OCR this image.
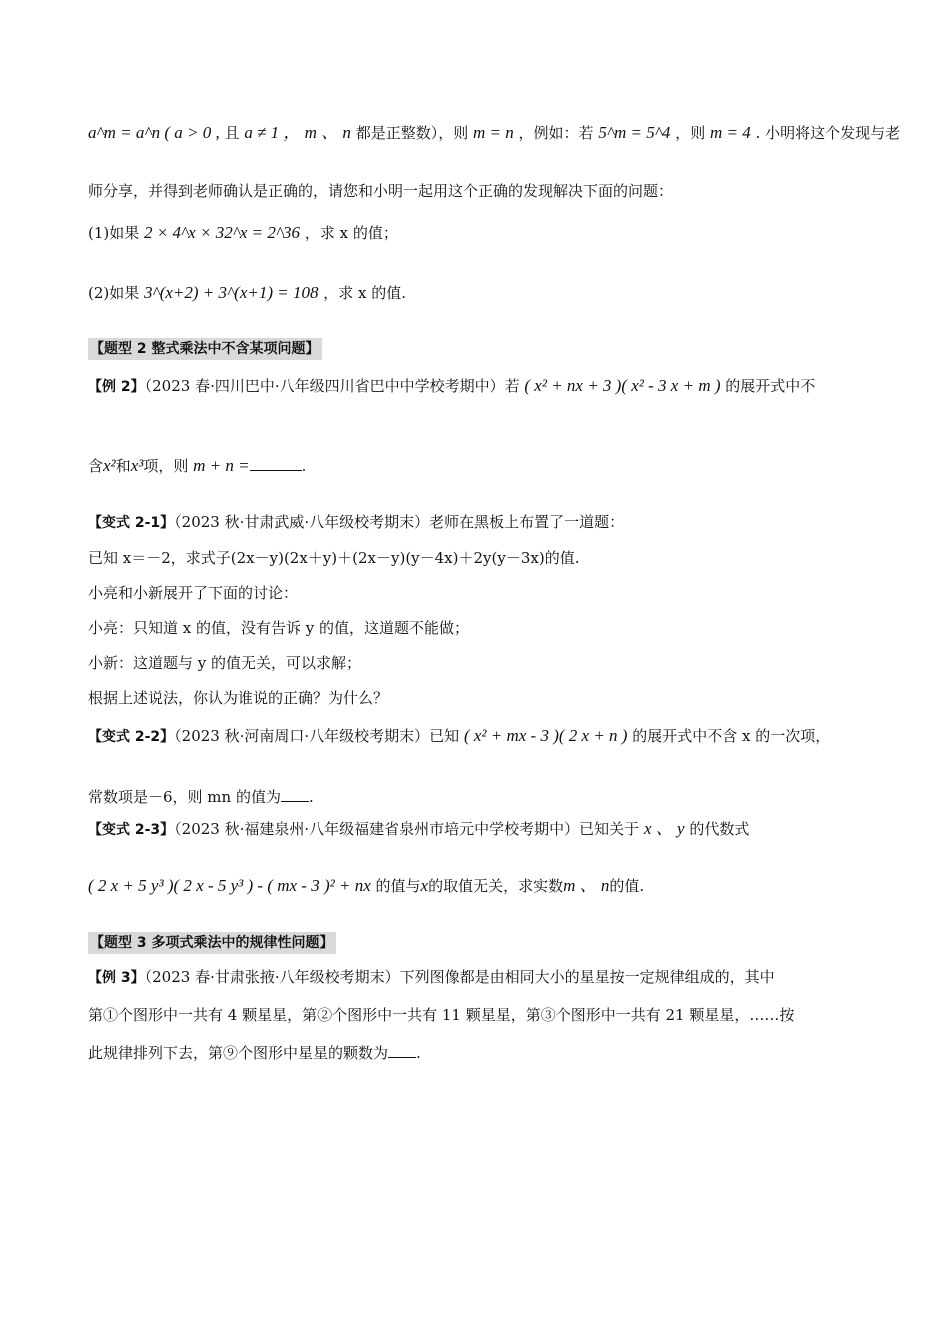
a^m = a^n ( a > 0 , 且 a ≠ 1 ， m 、 n 都是正整数），则 m = n ，例如：若 5^m = 5^4 ，则 m = 4 . 小明将这个发现与老
师分享，并得到老师确认是正确的，请您和小明一起用这个正确的发现解决下面的问题：
(1)如果 2 × 4^x × 32^x = 2^36 ，求 x 的值；
(2)如果 3^(x+2) + 3^(x+1) = 108 ，求 x 的值.
【题型 2 整式乘法中不含某项问题】
【例 2】（2023 春·四川巴中·八年级四川省巴中中学校考期中）若 ( x² + nx + 3 )( x² - 3 x + m ) 的展开式中不
含x²和x³项，则 m + n =	.
【变式 2-1】（2023 秋·甘肃武威·八年级校考期末）老师在黑板上布置了一道题：
已知 x＝－2，求式子(2x－y)(2x＋y)＋(2x－y)(y－4x)＋2y(y－3x)的值.
小亮和小新展开了下面的讨论：
小亮：只知道 x 的值，没有告诉 y 的值，这道题不能做；
小新：这道题与 y 的值无关，可以求解；
根据上述说法，你认为谁说的正确？为什么？
【变式 2-2】（2023 秋·河南周口·八年级校考期末）已知 ( x² + mx - 3 )( 2 x + n ) 的展开式中不含 x 的一次项，
常数项是－6，则 mn 的值为 .
【变式 2-3】（2023 秋·福建泉州·八年级福建省泉州市培元中学校考期中）已知关于 x 、 y 的代数式
( 2 x + 5 y³ )( 2 x - 5 y³ ) - ( mx - 3 )² + nx 的值与x的取值无关，求实数m 、 n的值.
【题型 3 多项式乘法中的规律性问题】
【例 3】（2023 春·甘肃张掖·八年级校考期末）下列图像都是由相同大小的星星按一定规律组成的，其中
第①个图形中一共有 4 颗星星，第②个图形中一共有 11 颗星星，第③个图形中一共有 21 颗星星，……按
此规律排列下去，第⑨个图形中星星的颗数为 .
